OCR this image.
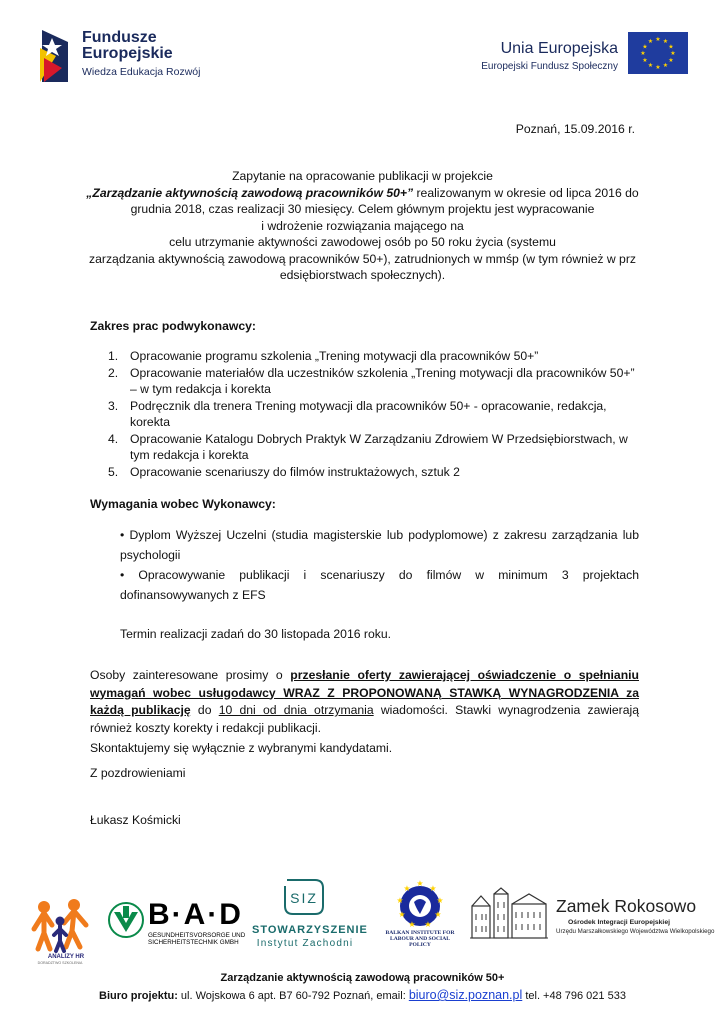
Fundusze
Europejskie
Wiedza Edukacja Rozwój
Unia Europejska
Europejski Fundusz Społeczny
★ ★
★
★
★
★
★
★
★
★
★
★
Poznań, 15.09.2016 r.
Zapytanie na opracowanie publikacji w projekcie
„Zarządzanie aktywnością zawodową pracowników 50+” realizowanym w okresie od lipca 2016 do
grudnia 2018, czas realizacji 30 miesięcy. Celem głównym projektu jest wypracowanie
i wdrożenie rozwiązania mającego na
celu utrzymanie aktywności zawodowej osób po 50 roku życia (systemu
zarządzania aktywnością zawodową pracowników 50+), zatrudnionych w mmśp (w tym również w prz
edsiębiorstwach społecznych).
Zakres prac podwykonawcy:
1. Opracowanie programu szkolenia „Trening motywacji dla pracowników 50+”
2. Opracowanie materiałów dla uczestników szkolenia „Trening motywacji dla pracowników 50+” – w tym redakcja i korekta
3. Podręcznik dla trenera Trening motywacji dla pracowników 50+ - opracowanie, redakcja, korekta
4. Opracowanie Katalogu Dobrych Praktyk W Zarządzaniu Zdrowiem W Przedsiębiorstwach, w tym redakcja i korekta
5. Opracowanie scenariuszy do filmów instruktażowych, sztuk 2
Wymagania wobec Wykonawcy:
• Dyplom Wyższej Uczelni (studia magisterskie lub podyplomowe) z zakresu zarządzania lub psychologii
• Opracowywanie publikacji i scenariuszy do filmów w minimum 3 projektach dofinansowywanych z EFS
Termin realizacji zadań do 30 listopada 2016 roku.
Osoby zainteresowane prosimy o przesłanie oferty zawierającej oświadczenie o spełnianiu wymagań wobec usługodawcy WRAZ Z PROPONOWANĄ STAWKĄ WYNAGRODZENIA za każdą publikację do 10 dni od dnia otrzymania wiadomości. Stawki wynagrodzenia zawierają również koszty korekty i redakcji publikacji.
Skontaktujemy się wyłącznie z wybranymi kandydatami.
Z pozdrowieniami
Łukasz Kośmicki
ANALIZY HR
DORADZTWO SZKOLENIA
B·A·D
GESUNDHEITSVORSORGE UND
SICHERHEITSTECHNIK GMBH
SIZ
STOWARZYSZENIE
Instytut Zachodni
★
★
★
★
★
★
★
★
★
BALKAN INSTITUTE FOR LABOUR AND SOCIAL POLICY
Zamek Rokosowo
Ośrodek Integracji Europejskiej
Urzędu Marszałkowskiego Województwa Wielkopolskiego
Zarządzanie aktywnością zawodową pracowników 50+
Biuro projektu: ul. Wojskowa 6 apt. B7 60-792 Poznań, email: biuro@siz.poznan.pl tel. +48 796 021 533
